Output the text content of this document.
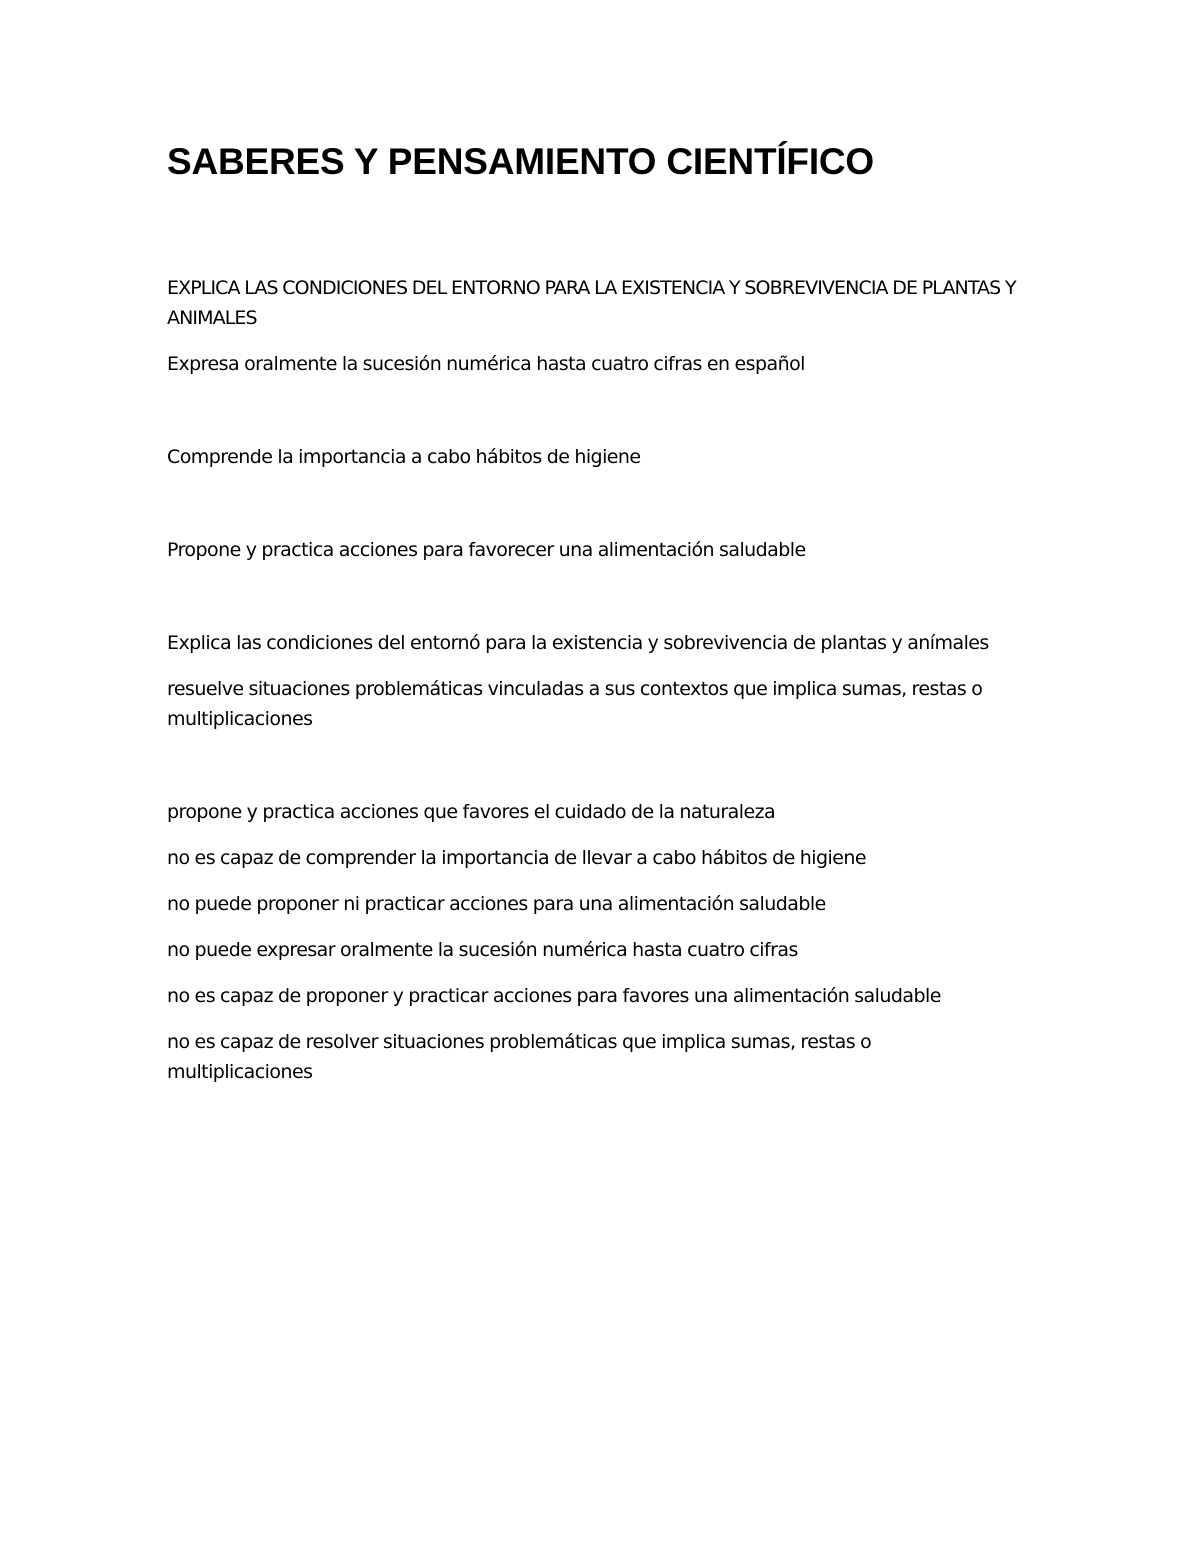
SABERES Y PENSAMIENTO CIENTÍFICO

EXPLICA LAS CONDICIONES DEL ENTORNO PARA LA EXISTENCIA Y SOBREVIVENCIA DE PLANTAS Y ANIMALES

Expresa oralmente la sucesión numérica hasta cuatro cifras en español

Comprende la importancia a cabo hábitos de higiene

Propone y practica acciones para favorecer una alimentación saludable

Explica las condiciones del entornó para la existencia y sobrevivencia de plantas y anímales

resuelve situaciones problemáticas vinculadas a sus contextos que implica sumas, restas o multiplicaciones

propone y practica acciones que favores el cuidado de la naturaleza

no es capaz de comprender la importancia de llevar a cabo hábitos de higiene

no puede proponer ni practicar acciones para una alimentación saludable

no puede expresar oralmente la sucesión numérica hasta cuatro cifras

no es capaz de proponer y practicar acciones para favores una alimentación saludable

no es capaz de resolver situaciones problemáticas que implica sumas, restas o multiplicaciones
